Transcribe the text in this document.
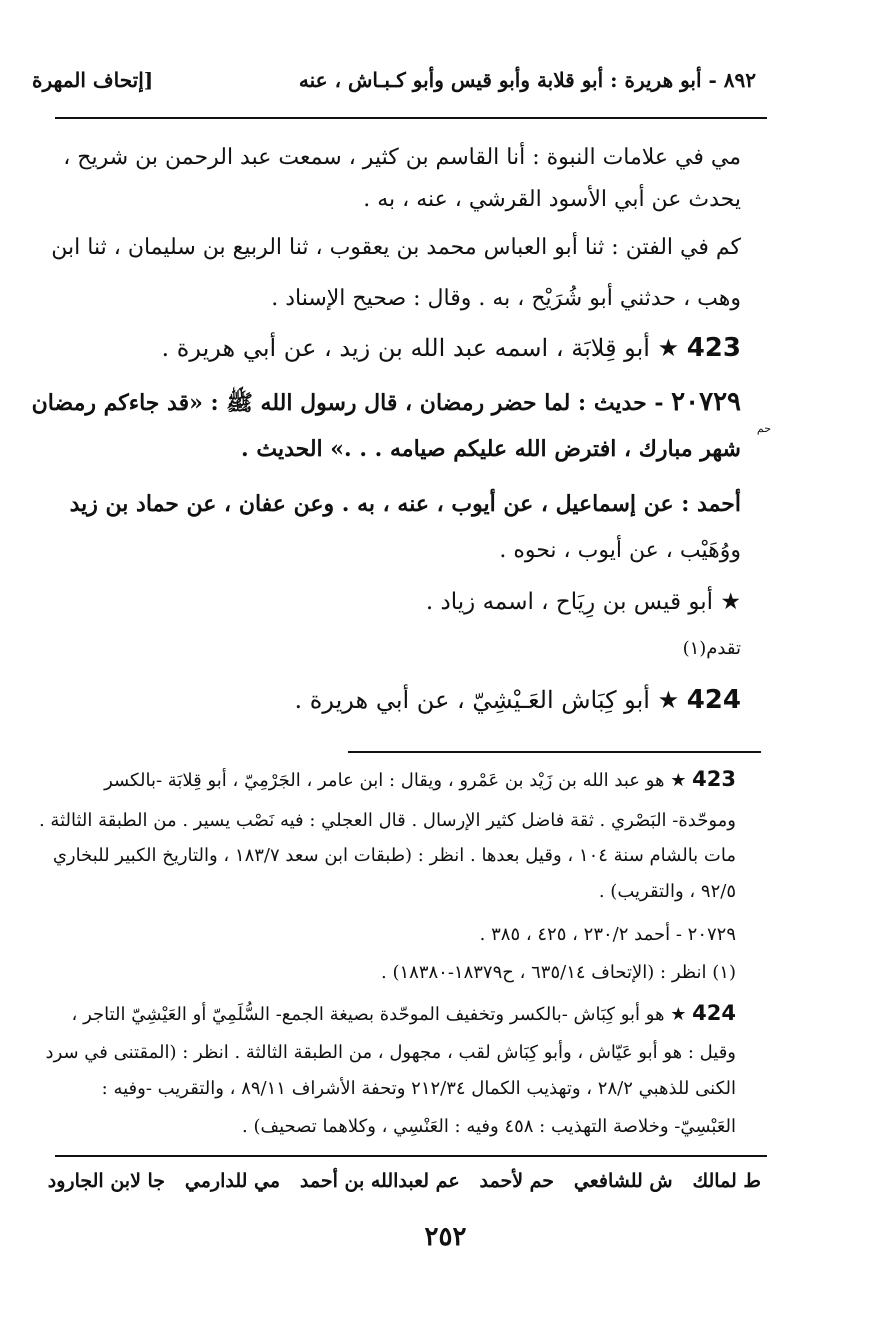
٨٩٢ - أبو هريرة : أبو قلابة وأبو قيس وأبو كـبـاش ، عنه
[إتحاف المهرة
مي في علامات النبوة : أنا القاسم بن كثير ، سمعت عبد الرحمن بن شريح ،
يحدث عن أبي الأسود القرشي ، عنه ، به .
كم في الفتن : ثنا أبو العباس محمد بن يعقوب ، ثنا الربيع بن سليمان ، ثنا ابن
وهب ، حدثني أبو شُرَيْح ، به . وقال : صحيح الإسناد .
423 ★ أبو قِلابَة ، اسمه عبد الله بن زيد ، عن أبي هريرة .
٢٠٧٢٩ - حديث : لما حضر رمضان ، قال رسول الله ﷺ : «قد جاءكم رمضان
حم
شهر مبارك ، افترض الله عليكم صيامه . . .» الحديث .
أحمد : عن إسماعيل ، عن أيوب ، عنه ، به . وعن عفان ، عن حماد بن زيد
ووُهَيْب ، عن أيوب ، نحوه .
★ أبو قيس بن رِيَاح ، اسمه زياد .
تقدم(١)
424 ★ أبو كِبَاش العَـيْشِيّ ، عن أبي هريرة .
423 ★ هو عبد الله بن زَيْد بن عَمْرو ، ويقال : ابن عامر ، الجَرْمِيّ ، أبو قِلابَة -بالكسر
وموحّدة- البَصْري . ثقة فاضل كثير الإرسال . قال العجلي : فيه نَصْب يسير . من الطبقة الثالثة .
مات بالشام سنة ١٠٤ ، وقيل بعدها . انظر : (طبقات ابن سعد ١٨٣/٧ ، والتاريخ الكبير للبخاري
٩٢/٥ ، والتقريب) .
٢٠٧٢٩ - أحمد ٢٣٠/٢ ، ٤٢٥ ، ٣٨٥ .
(١) انظر : (الإتحاف ٦٣٥/١٤ ، ح١٨٣٧٩-١٨٣٨٠) .
424 ★ هو أبو كِبَاش -بالكسر وتخفيف الموحّدة بصيغة الجمع- السُّلَمِيّ أو العَيْشِيّ التاجر ،
وقيل : هو أبو عَيّاش ، وأبو كِبَاش لقب ، مجهول ، من الطبقة الثالثة . انظر : (المقتنى في سرد
الكنى للذهبي ٢٨/٢ ، وتهذيب الكمال ٢١٢/٣٤ وتحفة الأشراف ٨٩/١١ ، والتقريب -وفيه :
العَبْسِيّ- وخلاصة التهذيب : ٤٥٨ وفيه : العَنْسِي ، وكلاهما تصحيف) .
ط لمالك   ش للشافعي   حم لأحمد   عم لعبدالله بن أحمد   مي للدارمي   جا لابن الجارود
٢٥٢
